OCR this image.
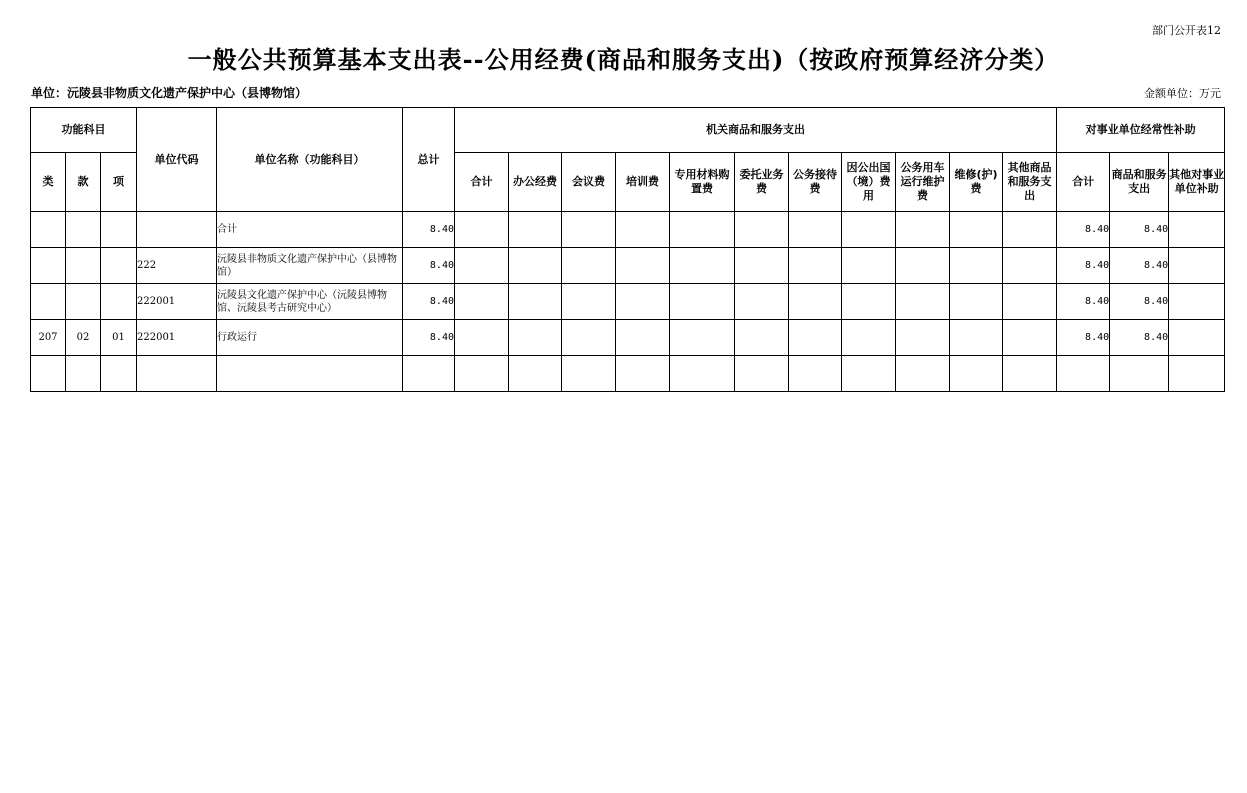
部门公开表12
一般公共预算基本支出表--公用经费(商品和服务支出)（按政府预算经济分类）
单位：沅陵县非物质文化遗产保护中心（县博物馆）	金额单位：万元
功能科目			单位代码	单位名称（功能科目）	总计	机关商品和服务支出											对事业单位经常性补助		
类	款	项				合计	办公经费	会议费	培训费	专用材料购置费	委托业务费	公务接待费	因公出国（境）费用	公务用车运行维护费	维修(护)费	其他商品和服务支出	合计	商品和服务支出	其他对事业单位补助
				合计	8.40												8.40	8.40	
			222	沅陵县非物质文化遗产保护中心（县博物馆）	8.40												8.40	8.40	
			222001	沅陵县文化遗产保护中心（沅陵县博物馆、沅陵县考古研究中心）	8.40												8.40	8.40	
207	02	01	222001	行政运行	8.40												8.40	8.40	
